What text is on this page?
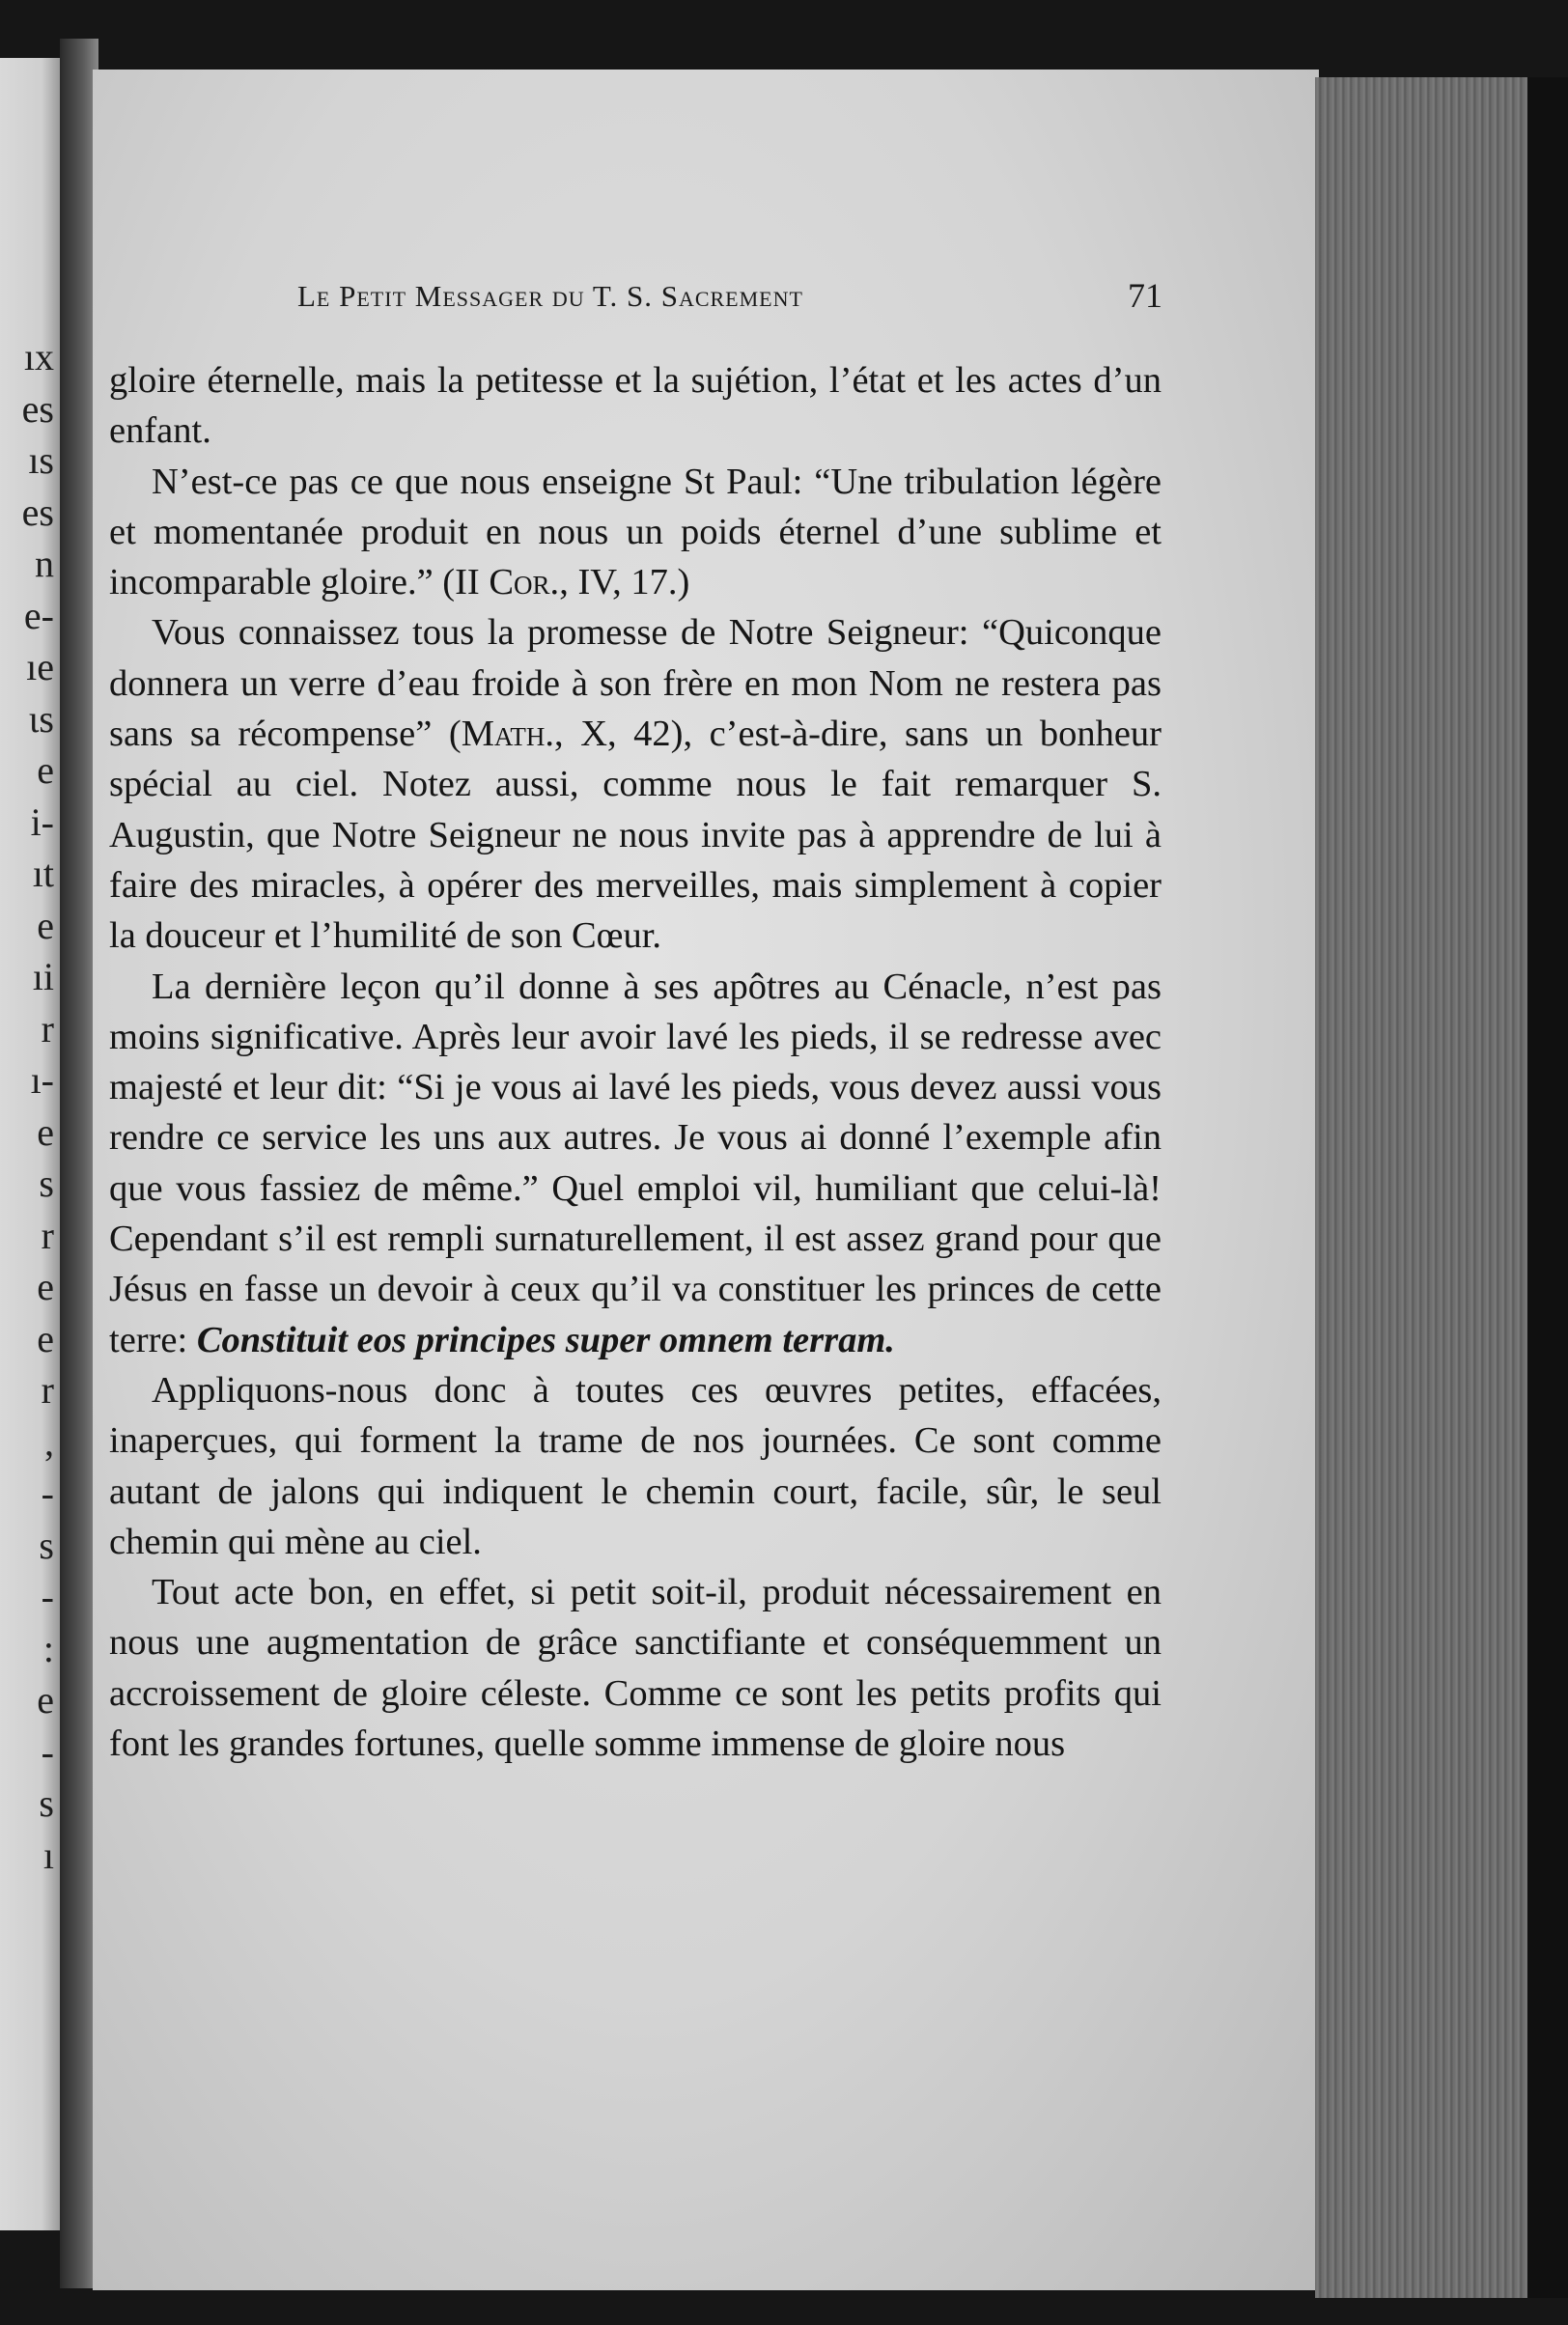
ıx
es
ıs
es
n
e-
ıe
ιs
e
i-
ıt
e
ıi
r
ı-
e
s
r
e
e
r
,
-
s
-
:
e
-
s
ı
Le Petit Messager du T. S. Sacrement	71

gloire éternelle, mais la petitesse et la sujétion, l’état et les actes d’un enfant.

N’est-ce pas ce que nous enseigne St Paul: “Une tribulation légère et momentanée produit en nous un poids éternel d’une sublime et incomparable gloire.” (II Cor., IV, 17.)

Vous connaissez tous la promesse de Notre Seigneur: “Quiconque donnera un verre d’eau froide à son frère en mon Nom ne restera pas sans sa récompense” (Math., X, 42), c’est-à-dire, sans un bonheur spécial au ciel. Notez aussi, comme nous le fait remarquer S. Augustin, que Notre Seigneur ne nous invite pas à apprendre de lui à faire des miracles, à opérer des merveilles, mais simplement à copier la douceur et l’humilité de son Cœur.

La dernière leçon qu’il donne à ses apôtres au Cénacle, n’est pas moins significative. Après leur avoir lavé les pieds, il se redresse avec majesté et leur dit: “Si je vous ai lavé les pieds, vous devez aussi vous rendre ce service les uns aux autres. Je vous ai donné l’exemple afin que vous fassiez de même.” Quel emploi vil, humiliant que celui-là! Cependant s’il est rempli surnaturellement, il est assez grand pour que Jésus en fasse un devoir à ceux qu’il va constituer les princes de cette terre: Constituit eos principes super omnem terram.

Appliquons-nous donc à toutes ces œuvres petites, effacées, inaperçues, qui forment la trame de nos journées. Ce sont comme autant de jalons qui indiquent le chemin court, facile, sûr, le seul chemin qui mène au ciel.

Tout acte bon, en effet, si petit soit-il, produit nécessairement en nous une augmentation de grâce sanctifiante et conséquemment un accroissement de gloire céleste. Comme ce sont les petits profits qui font les grandes fortunes, quelle somme immense de gloire nous
